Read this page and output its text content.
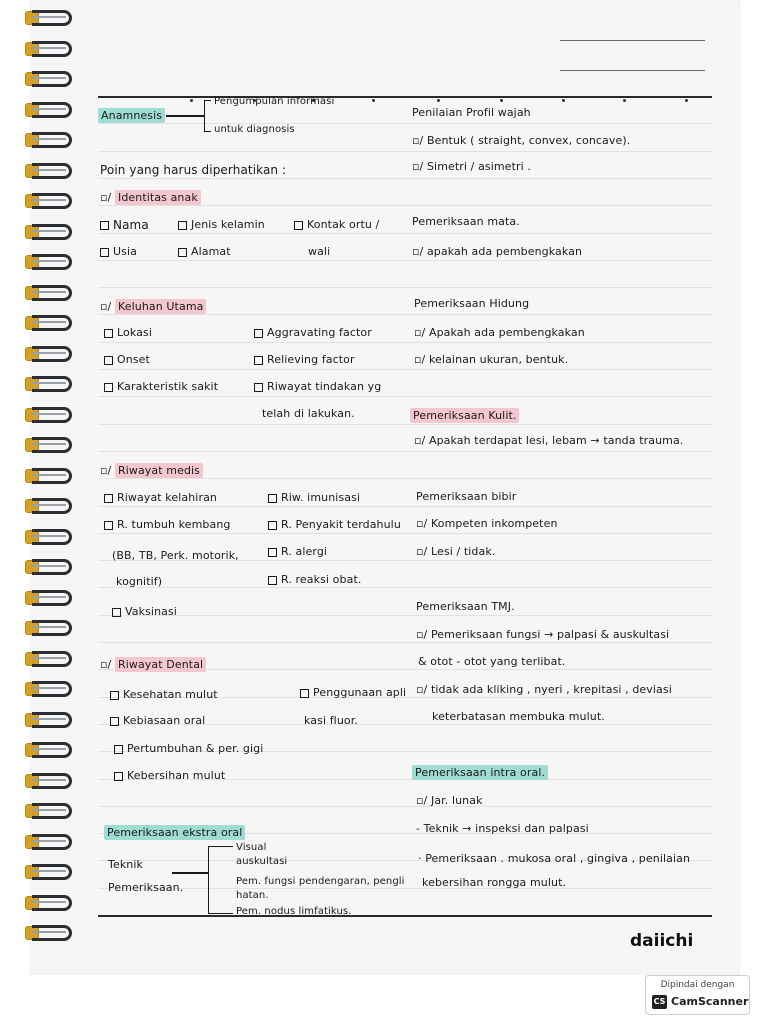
Anamnesis
Pengumpulan informasi
untuk diagnosis
Poin yang harus diperhatikan :
▫/ Identitas anak
Nama	Jenis kelamin	Kontak ortu /
Usia	Alamat	wali
▫/ Keluhan Utama
Lokasi	Aggravating factor
Onset	Relieving factor
Karakteristik sakit	Riwayat tindakan yg
telah di lakukan.
▫/ Riwayat medis
Riwayat kelahiran	Riw. imunisasi
R. tumbuh kembang	R. Penyakit terdahulu
(BB, TB, Perk. motorik,	R. alergi
kognitif)	R. reaksi obat.
Vaksinasi
▫/ Riwayat Dental
Kesehatan mulut	Penggunaan apli
Kebiasaan oral	kasi fluor.
Pertumbuhan & per. gigi
Kebersihan mulut
Pemeriksaan ekstra oral
Teknik
Pemeriksaan.
Visual
auskultasi
Pem. fungsi pendengaran, pengli
hatan.
Pem. nodus limfatikus.
Penilaian Profil wajah
▫/ Bentuk ( straight, convex, concave).
▫/ Simetri / asimetri .
Pemeriksaan mata.
▫/ apakah ada pembengkakan
Pemeriksaan Hidung
▫/ Apakah ada pembengkakan
▫/ kelainan ukuran, bentuk.
Pemeriksaan Kulit.
▫/ Apakah terdapat lesi, lebam → tanda trauma.
Pemeriksaan bibir
▫/ Kompeten inkompeten
▫/ Lesi / tidak.
Pemeriksaan TMJ.
▫/ Pemeriksaan fungsi → palpasi & auskultasi
& otot - otot yang terlibat.
▫/ tidak ada kliking , nyeri , krepitasi , deviasi
keterbatasan membuka mulut.
Pemeriksaan intra oral.
▫/ Jar. lunak
- Teknik → inspeksi dan palpasi
· Pemeriksaan . mukosa oral , gingiva , penilaian
kebersihan rongga mulut.
daiichi
Dipindai dengan
CS CamScanner
